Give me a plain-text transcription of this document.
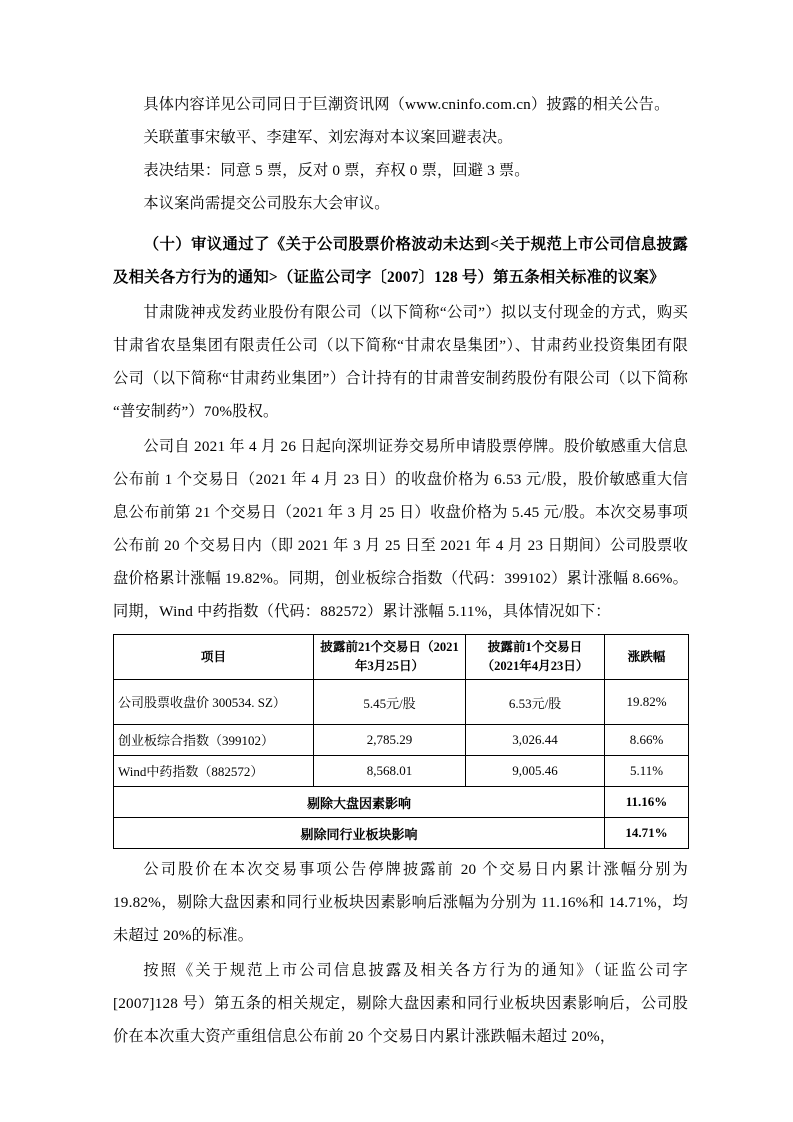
具体内容详见公司同日于巨潮资讯网（www.cninfo.com.cn）披露的相关公告。

关联董事宋敏平、李建军、刘宏海对本议案回避表决。

表决结果：同意 5 票，反对 0 票，弃权 0 票，回避 3 票。

本议案尚需提交公司股东大会审议。

（十）审议通过了《关于公司股票价格波动未达到<关于规范上市公司信息披露及相关各方行为的通知>（证监公司字〔2007〕128 号）第五条相关标准的议案》

甘肃陇神戎发药业股份有限公司（以下简称“公司”）拟以支付现金的方式，购买甘肃省农垦集团有限责任公司（以下简称“甘肃农垦集团”）、甘肃药业投资集团有限公司（以下简称“甘肃药业集团”）合计持有的甘肃普安制药股份有限公司（以下简称“普安制药”）70%股权。

公司自 2021 年 4 月 26 日起向深圳证券交易所申请股票停牌。股价敏感重大信息公布前 1 个交易日（2021 年 4 月 23 日）的收盘价格为 6.53 元/股，股价敏感重大信息公布前第 21 个交易日（2021 年 3 月 25 日）收盘价格为 5.45 元/股。本次交易事项公布前 20 个交易日内（即 2021 年 3 月 25 日至 2021 年 4 月 23 日期间）公司股票收盘价格累计涨幅 19.82%。同期，创业板综合指数（代码：399102）累计涨幅 8.66%。同期，Wind 中药指数（代码：882572）累计涨幅 5.11%，具体情况如下：

项目	披露前21个交易日（2021年3月25日）	披露前1个交易日（2021年4月23日）	涨跌幅
公司股票收盘价 300534. SZ）	5.45元/股	6.53元/股	19.82%
创业板综合指数（399102）	2,785.29	3,026.44	8.66%
Wind中药指数（882572）	8,568.01	9,005.46	5.11%
剔除大盘因素影响			11.16%
剔除同行业板块影响			14.71%

公司股价在本次交易事项公告停牌披露前 20 个交易日内累计涨幅分别为 19.82%，剔除大盘因素和同行业板块因素影响后涨幅为分别为 11.16%和 14.71%，均未超过 20%的标准。

按照《关于规范上市公司信息披露及相关各方行为的通知》（证监公司字[2007]128 号）第五条的相关规定，剔除大盘因素和同行业板块因素影响后，公司股价在本次重大资产重组信息公布前 20 个交易日内累计涨跌幅未超过 20%，
